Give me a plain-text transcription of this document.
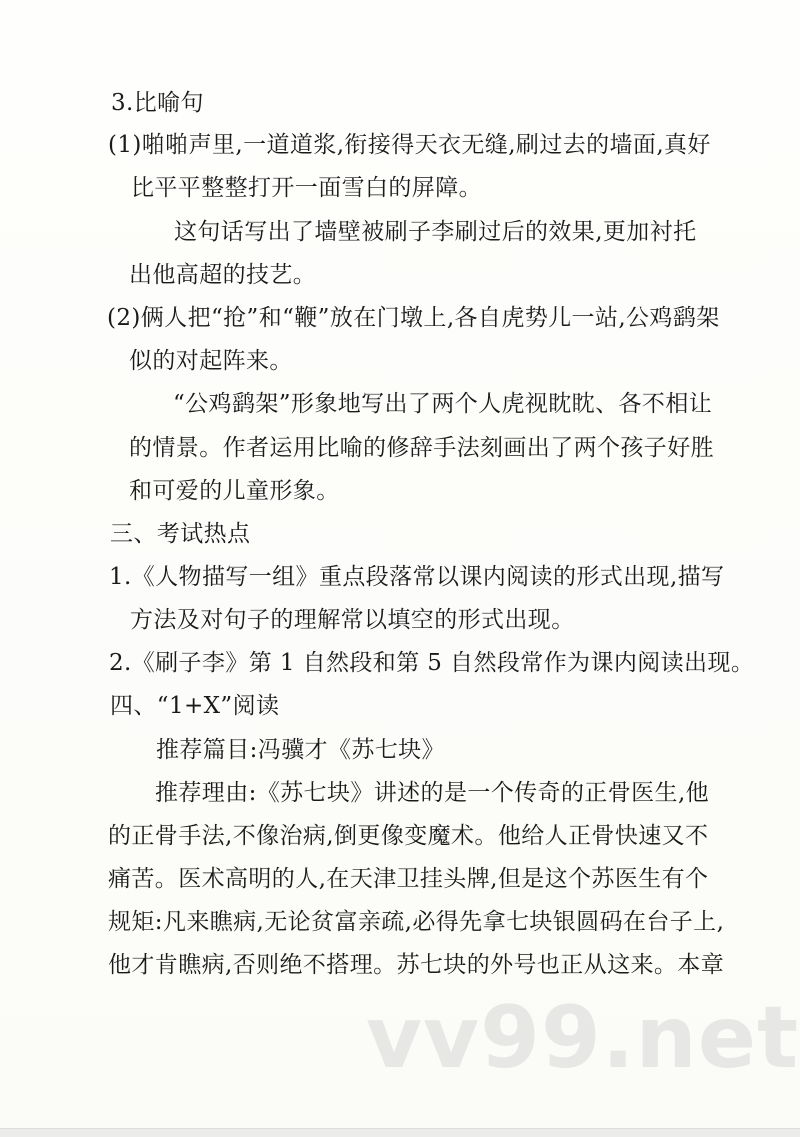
3.比喻句

(1)啪啪声里,一道道浆,衔接得天衣无缝,刷过去的墙面,真好

比平平整整打开一面雪白的屏障。

这句话写出了墙壁被刷子李刷过后的效果,更加衬托

出他高超的技艺。

(2)俩人把“抢”和“鞭”放在门墩上,各自虎势儿一站,公鸡鹞架

似的对起阵来。

“公鸡鹞架”形象地写出了两个人虎视眈眈、各不相让

的情景。作者运用比喻的修辞手法刻画出了两个孩子好胜

和可爱的儿童形象。

三、考试热点

1.《人物描写一组》重点段落常以课内阅读的形式出现,描写

方法及对句子的理解常以填空的形式出现。

2.《刷子李》第 1 自然段和第 5 自然段常作为课内阅读出现。

四、“1+X”阅读

推荐篇目:冯骥才《苏七块》

推荐理由:《苏七块》讲述的是一个传奇的正骨医生,他

的正骨手法,不像治病,倒更像变魔术。他给人正骨快速又不

痛苦。医术高明的人,在天津卫挂头牌,但是这个苏医生有个

规矩:凡来瞧病,无论贫富亲疏,必得先拿七块银圆码在台子上,

他才肯瞧病,否则绝不搭理。苏七块的外号也正从这来。本章

vv99.net
